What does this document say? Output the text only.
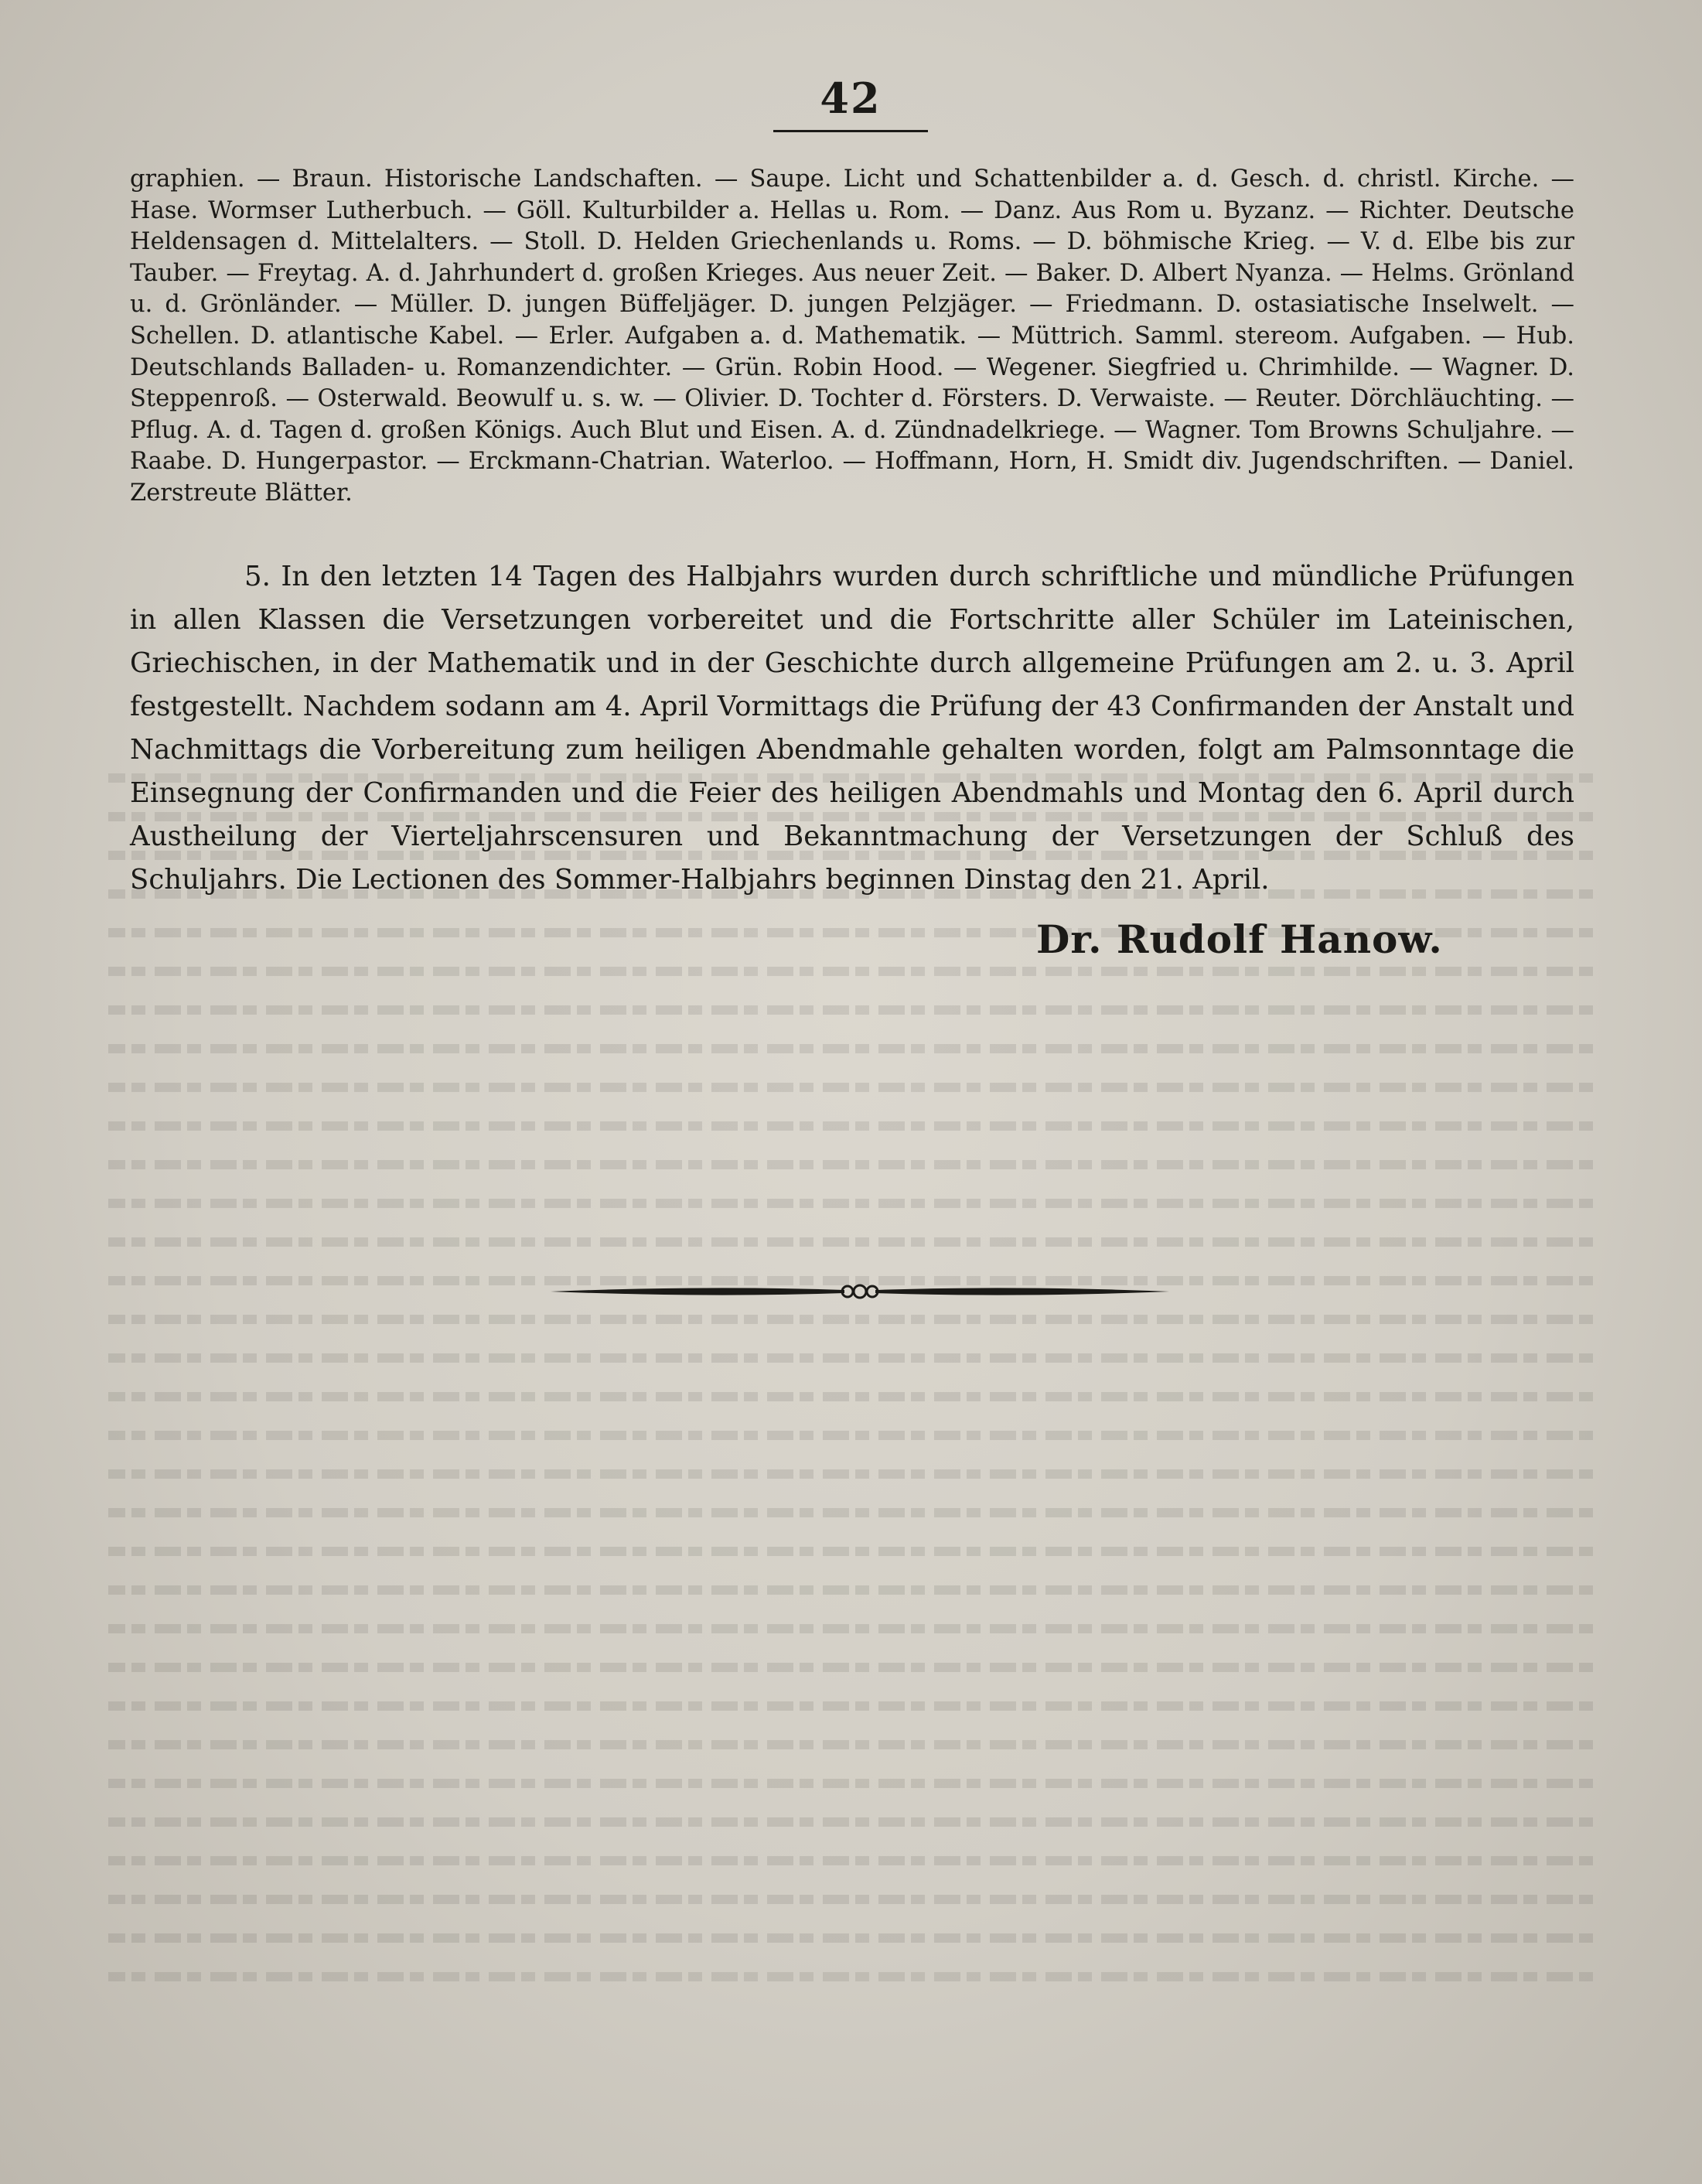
42

graphien. — Braun. Historische Landschaften. — Saupe. Licht und Schattenbilder a. d. Gesch. d. christl. Kirche. — Hase. Wormser Lutherbuch. — Göll. Kulturbilder a. Hellas u. Rom. — Danz. Aus Rom u. Byzanz. — Richter. Deutsche Heldensagen d. Mittelalters. — Stoll. D. Helden Griechenlands u. Roms. — D. böhmische Krieg. — V. d. Elbe bis zur Tauber. — Freytag. A. d. Jahrhundert d. großen Krieges. Aus neuer Zeit. — Baker. D. Albert Nyanza. — Helms. Grönland u. d. Grönländer. — Müller. D. jungen Büffeljäger. D. jungen Pelzjäger. — Friedmann. D. ostasiatische Inselwelt. — Schellen. D. atlantische Kabel. — Erler. Aufgaben a. d. Mathematik. — Müttrich. Samml. stereom. Aufgaben. — Hub. Deutschlands Balladen- u. Romanzendichter. — Grün. Robin Hood. — Wegener. Siegfried u. Chrimhilde. — Wagner. D. Steppenroß. — Osterwald. Beowulf u. s. w. — Olivier. D. Tochter d. Försters. D. Verwaiste. — Reuter. Dörchläuchting. — Pflug. A. d. Tagen d. großen Königs. Auch Blut und Eisen. A. d. Zündnadelkriege. — Wagner. Tom Browns Schuljahre. — Raabe. D. Hungerpastor. — Erckmann-Chatrian. Waterloo. — Hoffmann, Horn, H. Smidt div. Jugendschriften. — Daniel. Zerstreute Blätter.

5. In den letzten 14 Tagen des Halbjahrs wurden durch schriftliche und mündliche Prüfungen in allen Klassen die Versetzungen vorbereitet und die Fortschritte aller Schüler im Lateinischen, Griechischen, in der Mathematik und in der Geschichte durch allgemeine Prüfungen am 2. u. 3. April festgestellt. Nachdem sodann am 4. April Vormittags die Prüfung der 43 Confirmanden der Anstalt und Nachmittags die Vorbereitung zum heiligen Abendmahle gehalten worden, folgt am Palmsonntage die Einsegnung der Confirmanden und die Feier des heiligen Abendmahls und Montag den 6. April durch Austheilung der Vierteljahrscensuren und Bekanntmachung der Versetzungen der Schluß des Schuljahrs. Die Lectionen des Sommer-Halbjahrs beginnen Dinstag den 21. April.

Dr. Rudolf Hanow.
